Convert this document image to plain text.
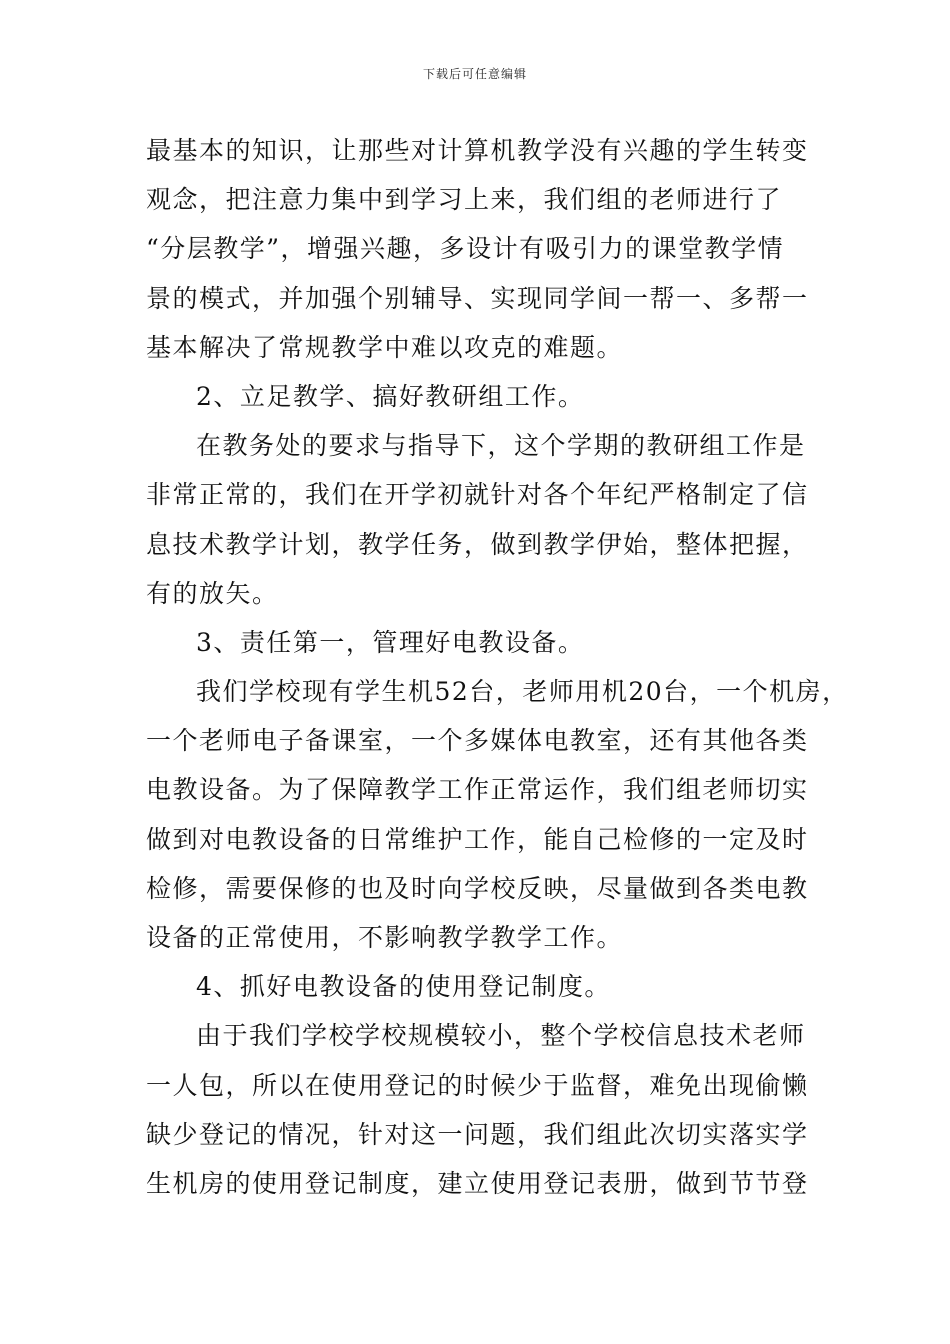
下载后可任意编辑
最基本的知识，让那些对计算机教学没有兴趣的学生转变
观念，把注意力集中到学习上来，我们组的老师进行了
“分层教学”，增强兴趣，多设计有吸引力的课堂教学情
景的模式，并加强个别辅导、实现同学间一帮一、多帮一
基本解决了常规教学中难以攻克的难题。
2、立足教学、搞好教研组工作。
在教务处的要求与指导下，这个学期的教研组工作是
非常正常的，我们在开学初就针对各个年纪严格制定了信
息技术教学计划，教学任务，做到教学伊始，整体把握，
有的放矢。
3、责任第一，管理好电教设备。
我们学校现有学生机52台，老师用机20台，一个机房，
一个老师电子备课室，一个多媒体电教室，还有其他各类
电教设备。为了保障教学工作正常运作，我们组老师切实
做到对电教设备的日常维护工作，能自己检修的一定及时
检修，需要保修的也及时向学校反映，尽量做到各类电教
设备的正常使用，不影响教学教学工作。
4、抓好电教设备的使用登记制度。
由于我们学校学校规模较小，整个学校信息技术老师
一人包，所以在使用登记的时候少于监督，难免出现偷懒
缺少登记的情况，针对这一问题，我们组此次切实落实学
生机房的使用登记制度，建立使用登记表册，做到节节登
